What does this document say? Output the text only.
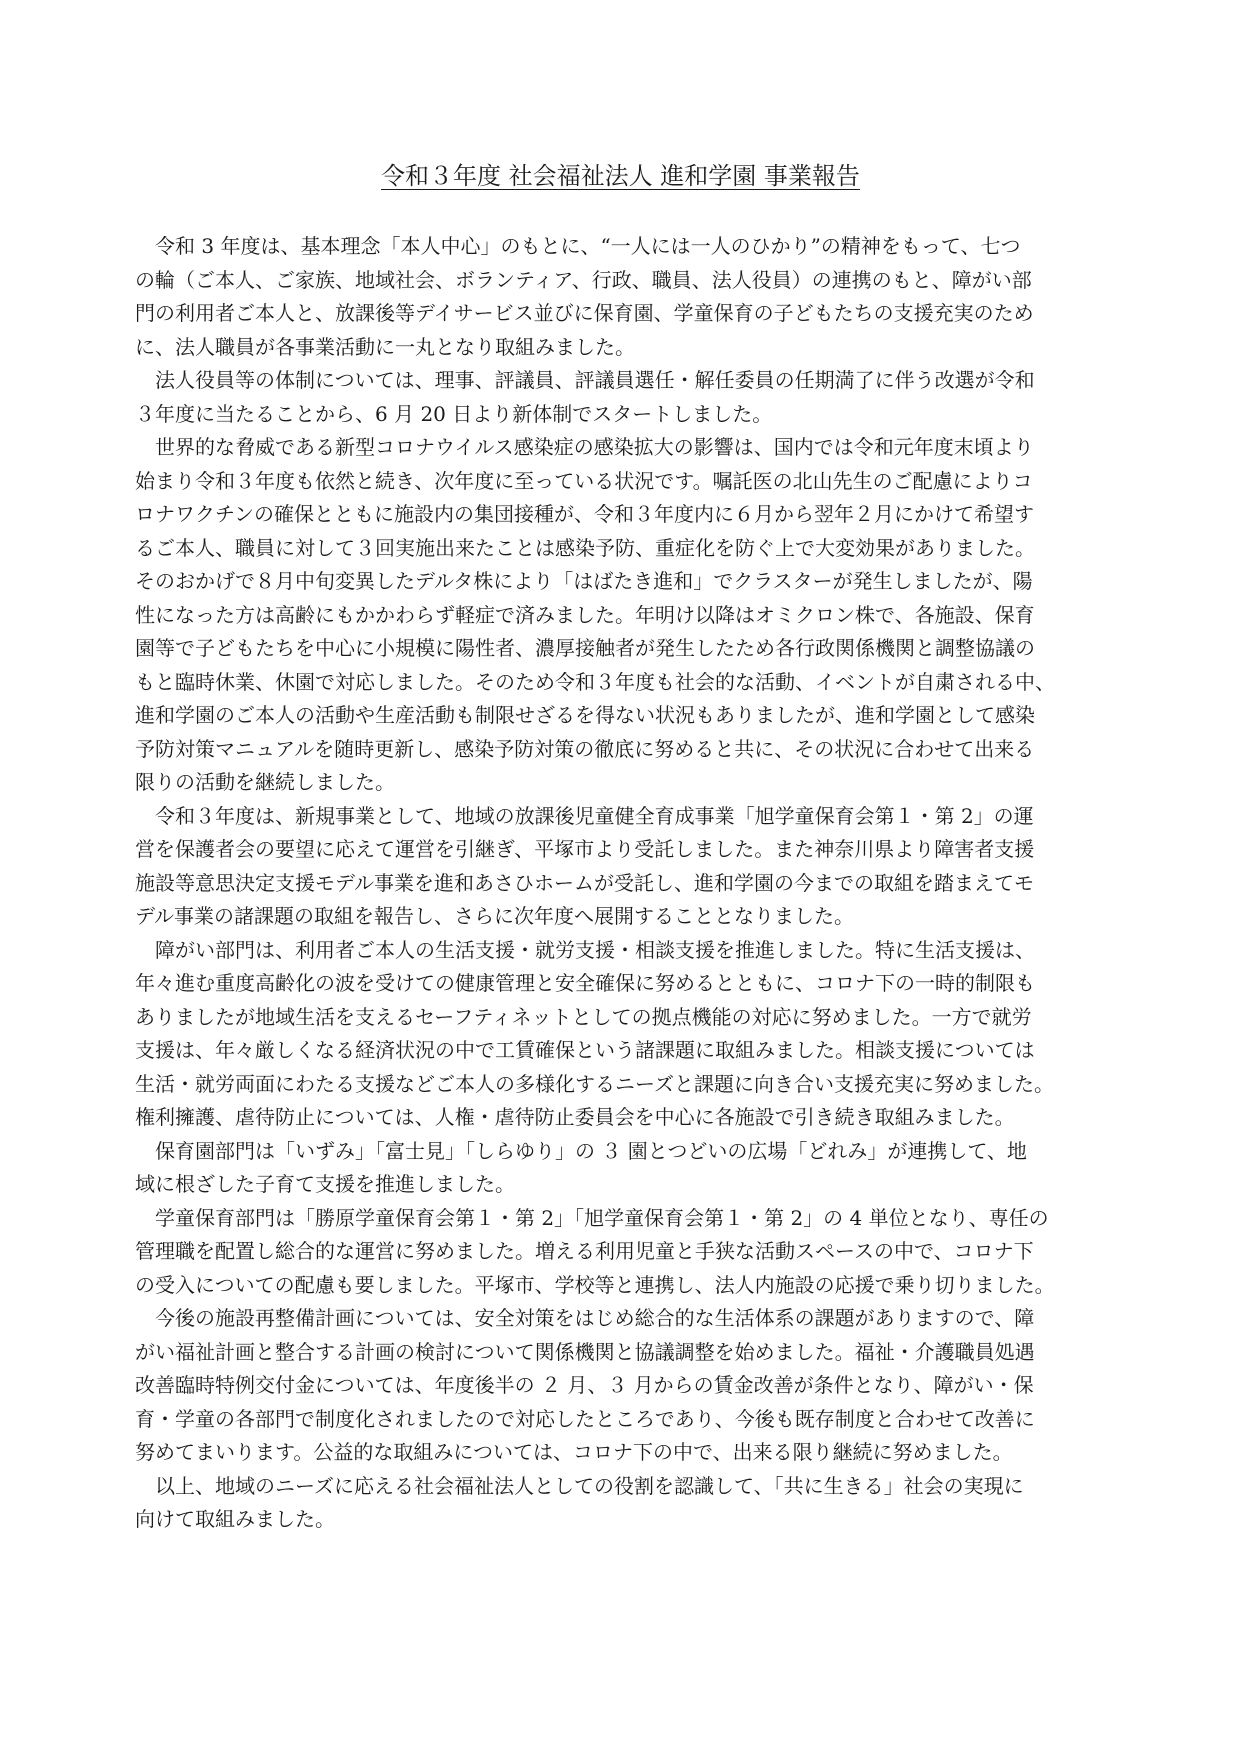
令和３年度 社会福祉法人 進和学園 事業報告
　令和 3 年度は、基本理念「本人中心」のもとに、“一人には一人のひかり”の精神をもって、七つ
の輪（ご本人、ご家族、地域社会、ボランティア、行政、職員、法人役員）の連携のもと、障がい部
門の利用者ご本人と、放課後等デイサービス並びに保育園、学童保育の子どもたちの支援充実のため
に、法人職員が各事業活動に一丸となり取組みました。
　法人役員等の体制については、理事、評議員、評議員選任・解任委員の任期満了に伴う改選が令和
３年度に当たることから、6 月 20 日より新体制でスタートしました。
　世界的な脅威である新型コロナウイルス感染症の感染拡大の影響は、国内では令和元年度末頃より
始まり令和３年度も依然と続き、次年度に至っている状況です。嘱託医の北山先生のご配慮によりコ
ロナワクチンの確保とともに施設内の集団接種が、令和３年度内に６月から翌年２月にかけて希望す
るご本人、職員に対して３回実施出来たことは感染予防、重症化を防ぐ上で大変効果がありました。
そのおかげで８月中旬変異したデルタ株により「はばたき進和」でクラスターが発生しましたが、陽
性になった方は高齢にもかかわらず軽症で済みました。年明け以降はオミクロン株で、各施設、保育
園等で子どもたちを中心に小規模に陽性者、濃厚接触者が発生したため各行政関係機関と調整協議の
もと臨時休業、休園で対応しました。そのため令和３年度も社会的な活動、イベントが自粛される中、
進和学園のご本人の活動や生産活動も制限せざるを得ない状況もありましたが、進和学園として感染
予防対策マニュアルを随時更新し、感染予防対策の徹底に努めると共に、その状況に合わせて出来る
限りの活動を継続しました。
　令和３年度は、新規事業として、地域の放課後児童健全育成事業「旭学童保育会第１・第 2」の運
営を保護者会の要望に応えて運営を引継ぎ、平塚市より受託しました。また神奈川県より障害者支援
施設等意思決定支援モデル事業を進和あさひホームが受託し、進和学園の今までの取組を踏まえてモ
デル事業の諸課題の取組を報告し、さらに次年度へ展開することとなりました。
　障がい部門は、利用者ご本人の生活支援・就労支援・相談支援を推進しました。特に生活支援は、
年々進む重度高齢化の波を受けての健康管理と安全確保に努めるとともに、コロナ下の一時的制限も
ありましたが地域生活を支えるセーフティネットとしての拠点機能の対応に努めました。一方で就労
支援は、年々厳しくなる経済状況の中で工賃確保という諸課題に取組みました。相談支援については
生活・就労両面にわたる支援などご本人の多様化するニーズと課題に向き合い支援充実に努めました。
権利擁護、虐待防止については、人権・虐待防止委員会を中心に各施設で引き続き取組みました。
　保育園部門は「いずみ」「富士見」「しらゆり」の ３ 園とつどいの広場「どれみ」が連携して、地
域に根ざした子育て支援を推進しました。
　学童保育部門は「勝原学童保育会第１・第 2」「旭学童保育会第１・第 2」の 4 単位となり、専任の
管理職を配置し総合的な運営に努めました。増える利用児童と手狭な活動スペースの中で、コロナ下
の受入についての配慮も要しました。平塚市、学校等と連携し、法人内施設の応援で乗り切りました。
　今後の施設再整備計画については、安全対策をはじめ総合的な生活体系の課題がありますので、障
がい福祉計画と整合する計画の検討について関係機関と協議調整を始めました。福祉・介護職員処遇
改善臨時特例交付金については、年度後半の ２ 月、３ 月からの賃金改善が条件となり、障がい・保
育・学童の各部門で制度化されましたので対応したところであり、今後も既存制度と合わせて改善に
努めてまいります。公益的な取組みについては、コロナ下の中で、出来る限り継続に努めました。
　以上、地域のニーズに応える社会福祉法人としての役割を認識して、「共に生きる」社会の実現に
向けて取組みました。
